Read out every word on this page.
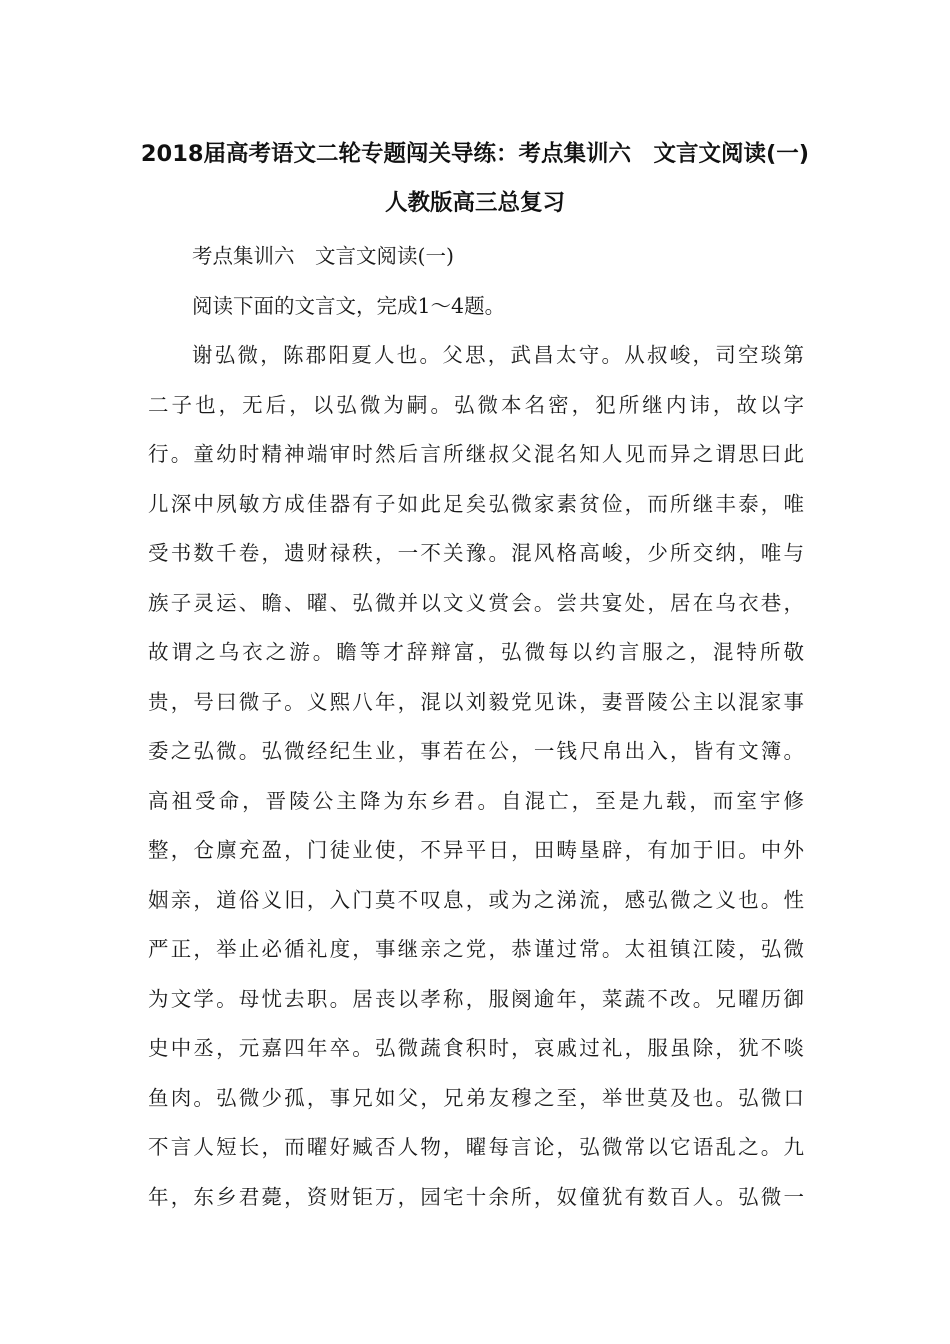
2018届高考语文二轮专题闯关导练：考点集训六　文言文阅读(一)
人教版高三总复习
考点集训六　文言文阅读(一)
阅读下面的文言文，完成1～4题。
谢弘微，陈郡阳夏人也。父思，武昌太守。从叔峻，司空琰第
二子也，无后，以弘微为嗣。弘微本名密，犯所继内讳，故以字
行。童幼时精神端审时然后言所继叔父混名知人见而异之谓思曰此
儿深中夙敏方成佳器有子如此足矣弘微家素贫俭，而所继丰泰，唯
受书数千卷，遗财禄秩，一不关豫。混风格高峻，少所交纳，唯与
族子灵运、瞻、曜、弘微并以文义赏会。尝共宴处，居在乌衣巷，
故谓之乌衣之游。瞻等才辞辩富，弘微每以约言服之，混特所敬
贵，号曰微子。义熙八年，混以刘毅党见诛，妻晋陵公主以混家事
委之弘微。弘微经纪生业，事若在公，一钱尺帛出入，皆有文簿。
高祖受命，晋陵公主降为东乡君。自混亡，至是九载，而室宇修
整，仓廪充盈，门徒业使，不异平日，田畴垦辟，有加于旧。中外
姻亲，道俗义旧，入门莫不叹息，或为之涕流，感弘微之义也。性
严正，举止必循礼度，事继亲之党，恭谨过常。太祖镇江陵，弘微
为文学。母忧去职。居丧以孝称，服阕逾年，菜蔬不改。兄曜历御
史中丞，元嘉四年卒。弘微蔬食积时，哀戚过礼，服虽除，犹不啖
鱼肉。弘微少孤，事兄如父，兄弟友穆之至，举世莫及也。弘微口
不言人短长，而曜好臧否人物，曜每言论，弘微常以它语乱之。九
年，东乡君薨，资财钜万，园宅十余所，奴僮犹有数百人。弘微一
